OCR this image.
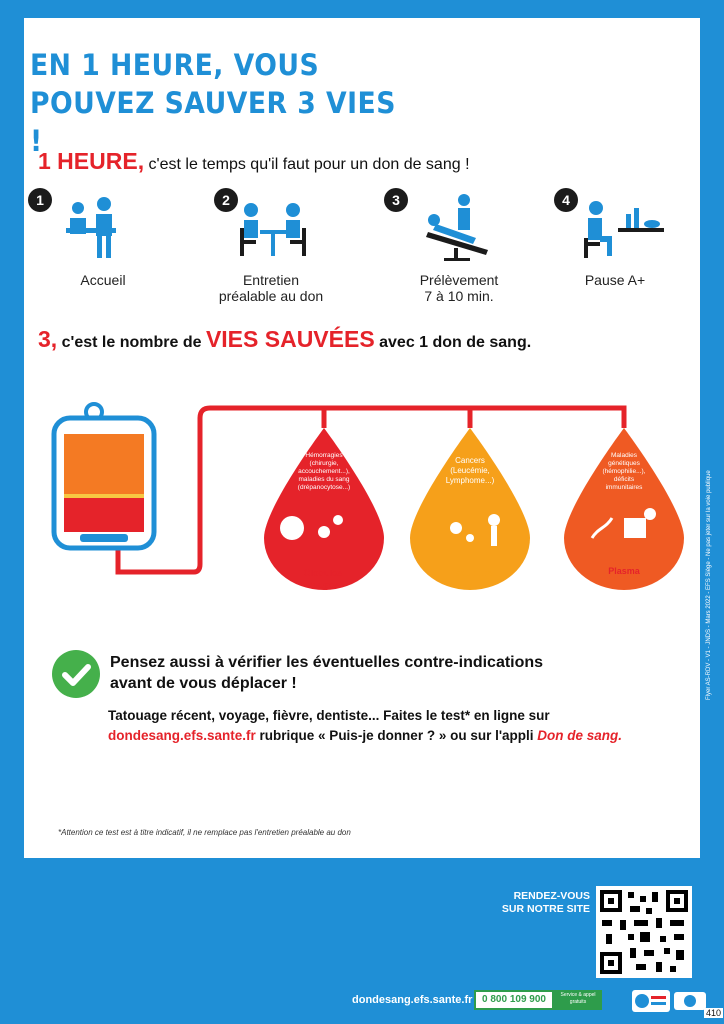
EN 1 HEURE, VOUS
POUVEZ SAUVER 3 VIES !
1 HEURE, c'est le temps qu'il faut pour un don de sang !
1
Accueil
2
Entretien
préalable au don
3
Prélèvement
7 à 10 min.
4
Pause A+
3, c'est le nombre de VIES SAUVÉES avec 1 don de sang.
Globules rouges
Plaquettes	Plasma
Hémorragies
(chirurgie,
accouchement...),
maladies du sang
(drépanocytose...)
Cancers
(Leucémie,
Lymphome...)
Maladies
génétiques
(hémophilie...),
déficits
immunitaires
Pensez aussi à vérifier les éventuelles contre-indications
avant de vous déplacer !
Tatouage récent, voyage, fièvre, dentiste... Faites le test* en ligne sur
dondesang.efs.sante.fr rubrique « Puis-je donner ? » ou sur l'appli Don de sang.
*Attention ce test est à titre indicatif, il ne remplace pas l'entretien préalable au don
Flyer AS-RDV - V1 - JNDS - Mars 2022 - EFS Siège - Ne pas jeter sur la voie publique
RENDEZ-VOUS
SUR NOTRE SITE
dondesang.efs.sante.fr 0 800 109 900	Service & appel
gratuits
410
